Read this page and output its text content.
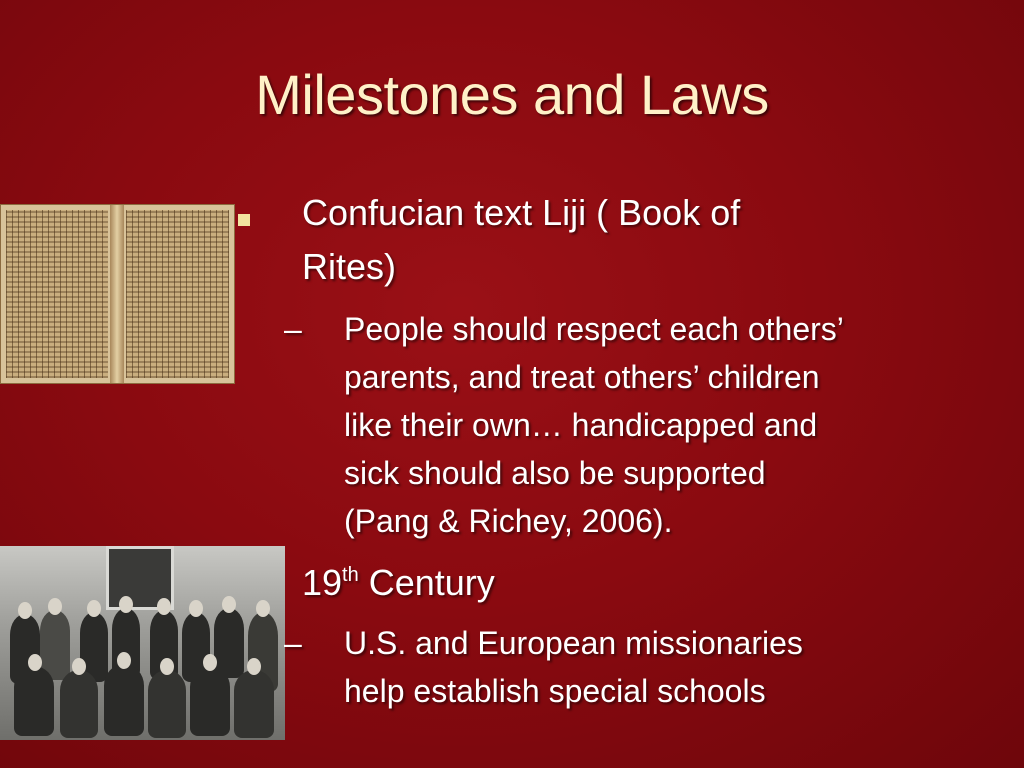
Milestones and Laws
Confucian text Liji ( Book of
Rites)
– People should respect each others’
parents, and treat others’ children
like their own… handicapped and
sick should also be supported
(Pang & Richey, 2006).
19th Century
– U.S. and European missionaries
help establish special schools
